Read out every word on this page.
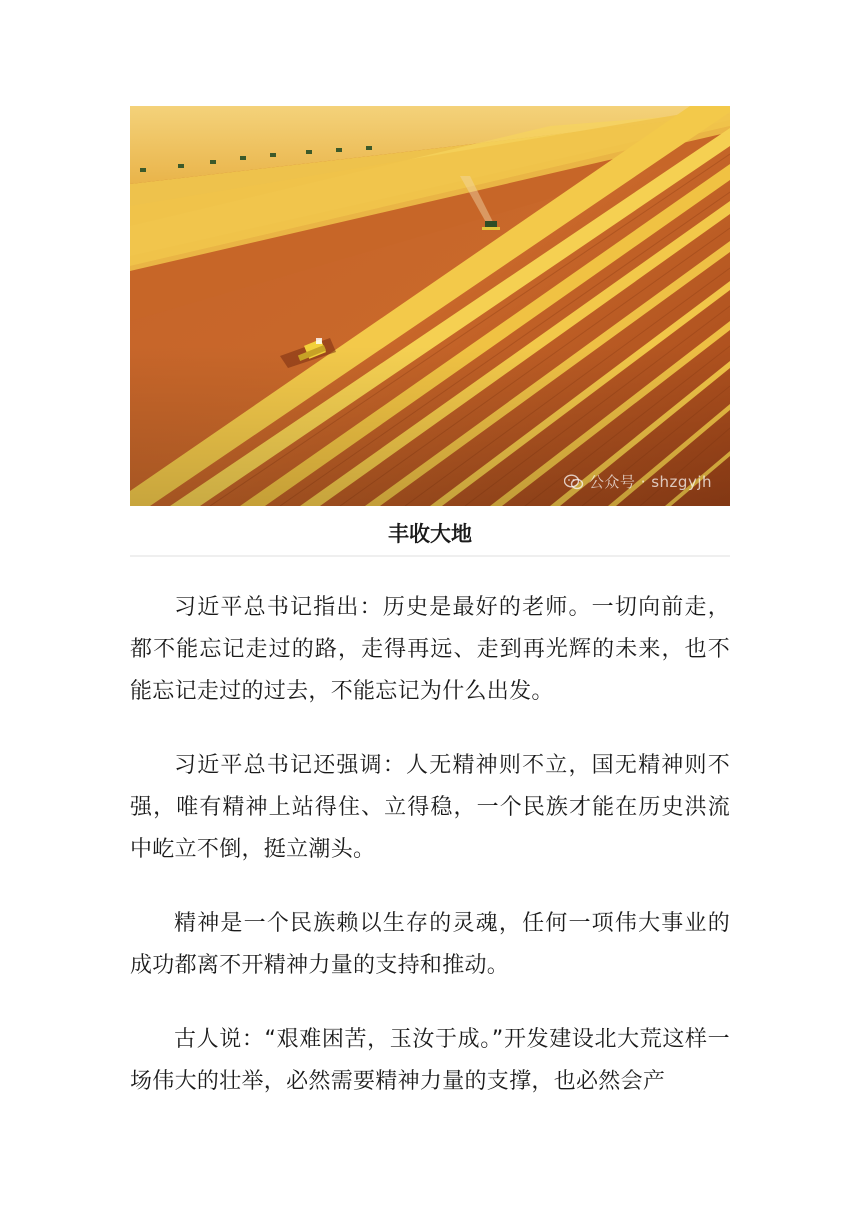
公众号 · shzgyjh
丰收大地

习近平总书记指出：历史是最好的老师。一切向前走，都不能忘记走过的路，走得再远、走到再光辉的未来，也不能忘记走过的过去，不能忘记为什么出发。

习近平总书记还强调：人无精神则不立，国无精神则不强，唯有精神上站得住、立得稳，一个民族才能在历史洪流中屹立不倒，挺立潮头。

精神是一个民族赖以生存的灵魂，任何一项伟大事业的成功都离不开精神力量的支持和推动。

古人说：“艰难困苦，玉汝于成。”开发建设北大荒这样一场伟大的壮举，必然需要精神力量的支撑，也必然会产
